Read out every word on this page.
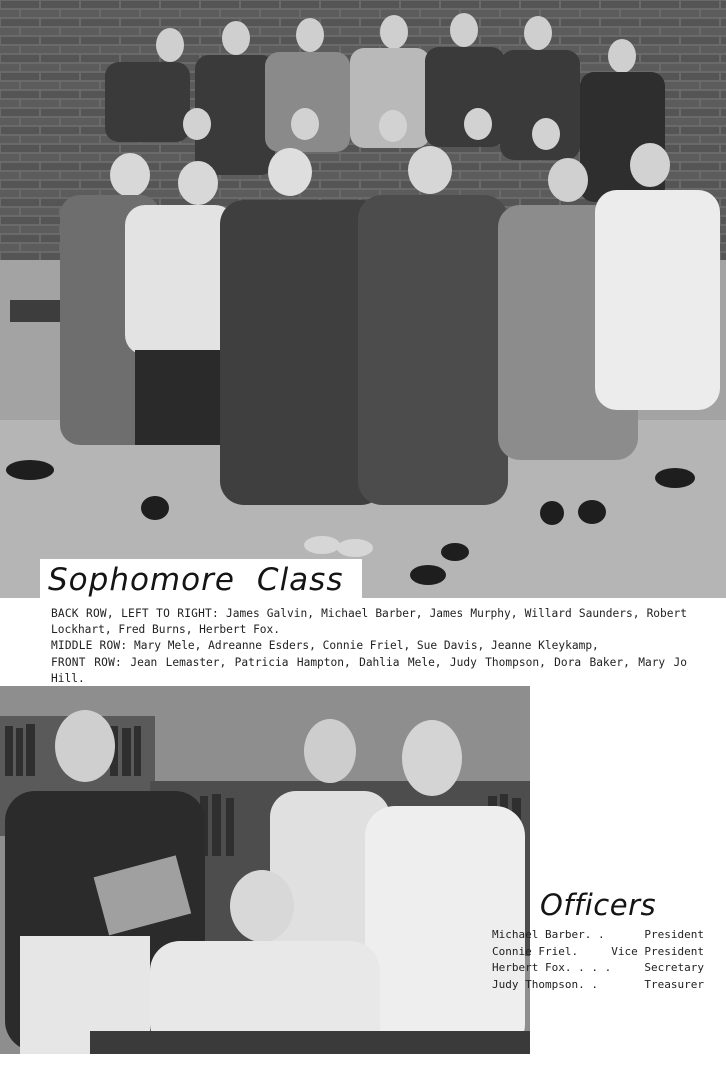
Sophomore Class
BACK ROW, LEFT TO RIGHT: James Galvin, Michael Barber, James Murphy, Willard Saunders, Robert Lockhart, Fred Burns, Herbert Fox.
MIDDLE ROW: Mary Mele, Adreanne Esders, Connie Friel, Sue Davis, Jeanne Kleykamp,
FRONT ROW: Jean Lemaster, Patricia Hampton, Dahlia Mele, Judy Thompson, Dora Baker, Mary Jo Hill.
Officers
Michael Barber . .	President
Connie Friel .	Vice President
Herbert Fox . . . .	Secretary
Judy Thompson . .	Treasurer
